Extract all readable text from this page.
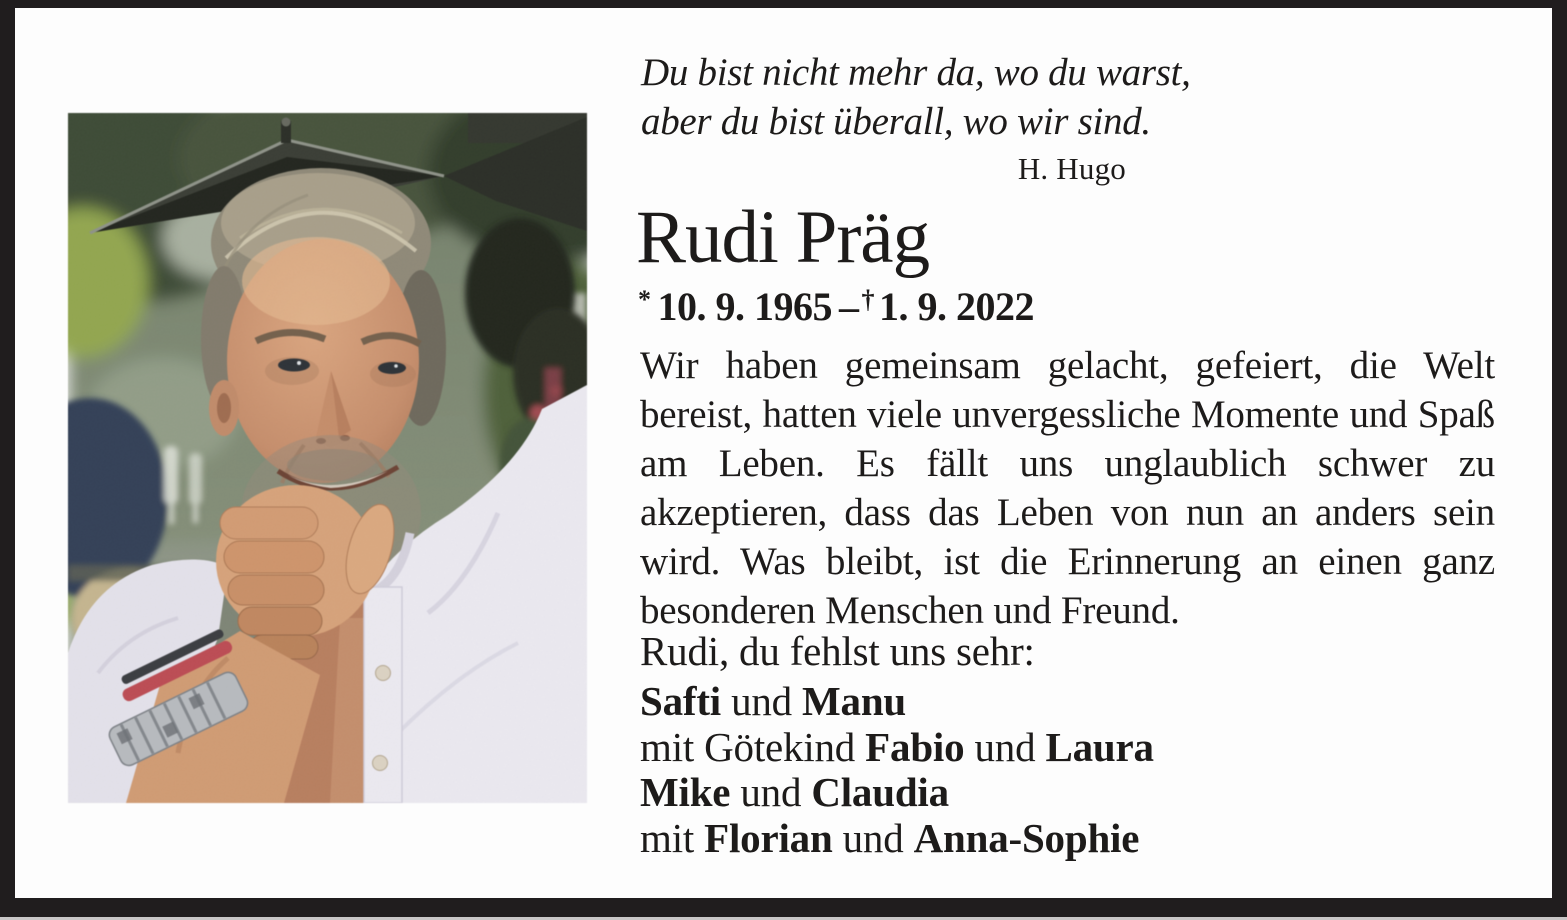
Du bist nicht mehr da, wo du warst,
aber du bist überall, wo wir sind.
H. Hugo
Rudi Präg
* 10. 9. 1965 – † 1. 9. 2022

Wir haben gemeinsam gelacht, gefeiert, die Welt bereist, hatten viele unvergessliche Momente und Spaß am Leben. Es fällt uns unglaublich schwer zu akzeptieren, dass das Leben von nun an anders sein wird. Was bleibt, ist die Erinnerung an einen ganz besonderen Menschen und Freund.

Rudi, du fehlst uns sehr:
Safti und Manu
mit Götekind Fabio und Laura
Mike und Claudia
mit Florian und Anna-Sophie
